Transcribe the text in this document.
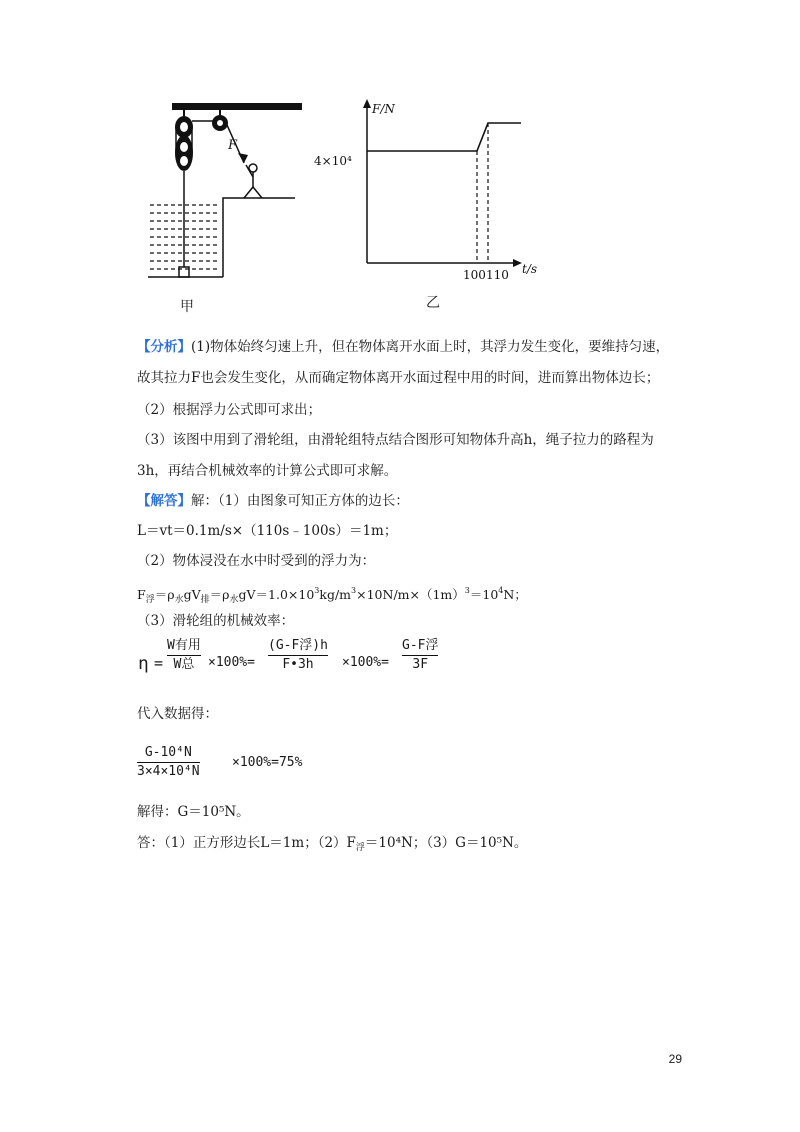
F
甲
F/N
t/s
4×10⁴
100 110
乙
【分析】(1)物体始终匀速上升，但在物体离开水面上时，其浮力发生变化，要维持匀速，
故其拉力F也会发生变化，从而确定物体离开水面过程中用的时间，进而算出物体边长；
（2）根据浮力公式即可求出；
（3）该图中用到了滑轮组，由滑轮组特点结合图形可知物体升高h，绳子拉力的路程为
3h，再结合机械效率的计算公式即可求解。
【解答】解：（1）由图象可知正方体的边长：
L＝vt＝0.1m/s×（110s﹣100s）＝1m；
（2）物体浸没在水中时受到的浮力为：
$F_浮=\rho_水gV_排=\rho_水gV=1.0\times 10^3kg/m^3\times 10N/m\times(1m)^3=10^4N$；
（3）滑轮组的机械效率：
η =
W有用
W总 ×100%=
(G-F浮)h
F•3h ×100%=
G-F浮
3F
代入数据得：
G-10⁴N
3×4×10⁴N
×100%=75%
解得：G＝10⁵N。
答：（1）正方形边长L＝1m；$(2)F_浮=10^4N$；（3）G＝10⁵N。
29
